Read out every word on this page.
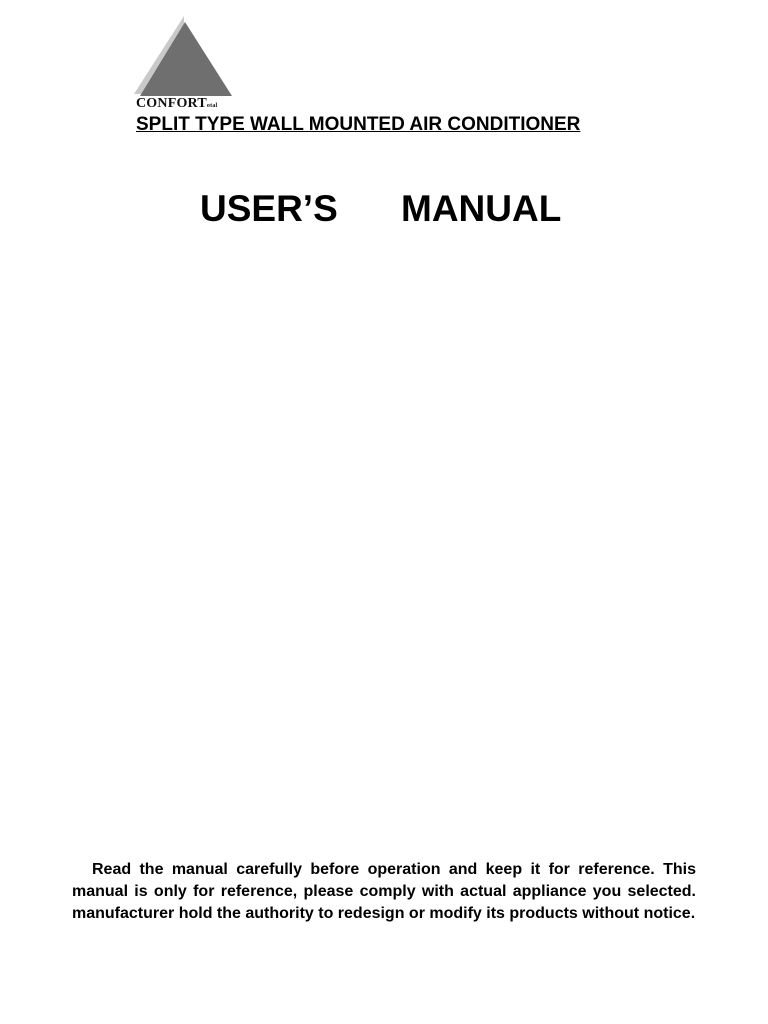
CONFORTotal
SPLIT TYPE WALL MOUNTED AIR CONDITIONER
USER’S MANUAL

Read the manual carefully before operation and keep it for reference. This manual is only for reference, please comply with actual appliance you selected. manufacturer hold the authority to redesign or modify its products without notice.
